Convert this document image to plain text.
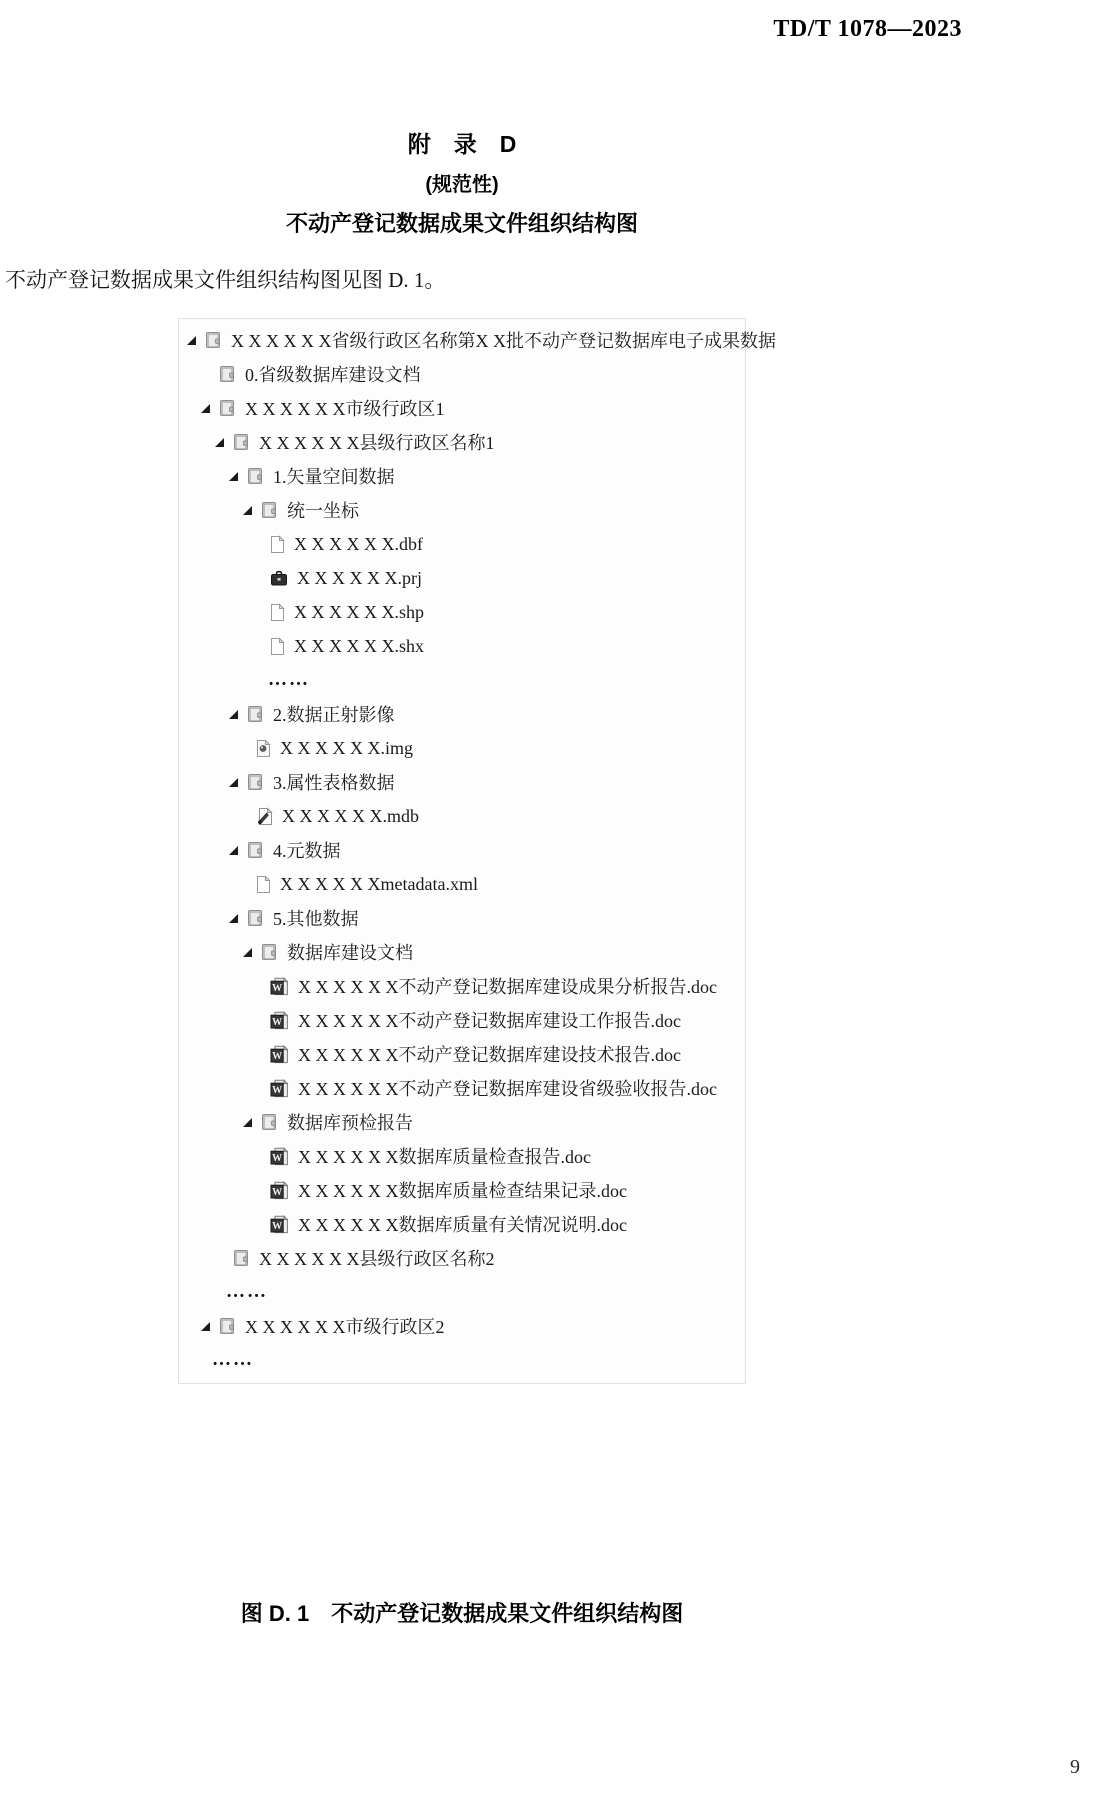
TD/T 1078—2023
附　录　D
(规范性)
不动产登记数据成果文件组织结构图
不动产登记数据成果文件组织结构图见图 D. 1。
X X X X X X省级行政区名称第X X批不动产登记数据库电子成果数据
0.省级数据库建设文档
X X X X X X市级行政区1
X X X X X X县级行政区名称1
1.矢量空间数据
统一坐标
X X X X X X.dbf
X X X X X X.prj
X X X X X X.shp
X X X X X X.shx
……
2.数据正射影像
X X X X X X.img
3.属性表格数据
X X X X X X.mdb
4.元数据
X X X X X Xmetadata.xml
5.其他数据
数据库建设文档
W X X X X X X不动产登记数据库建设成果分析报告.doc
W X X X X X X不动产登记数据库建设工作报告.doc
W X X X X X X不动产登记数据库建设技术报告.doc
W X X X X X X不动产登记数据库建设省级验收报告.doc
数据库预检报告
W X X X X X X数据库质量检查报告.doc
W X X X X X X数据库质量检查结果记录.doc
W X X X X X X数据库质量有关情况说明.doc
X X X X X X县级行政区名称2
……
X X X X X X市级行政区2
……
图 D. 1　不动产登记数据成果文件组织结构图
9
